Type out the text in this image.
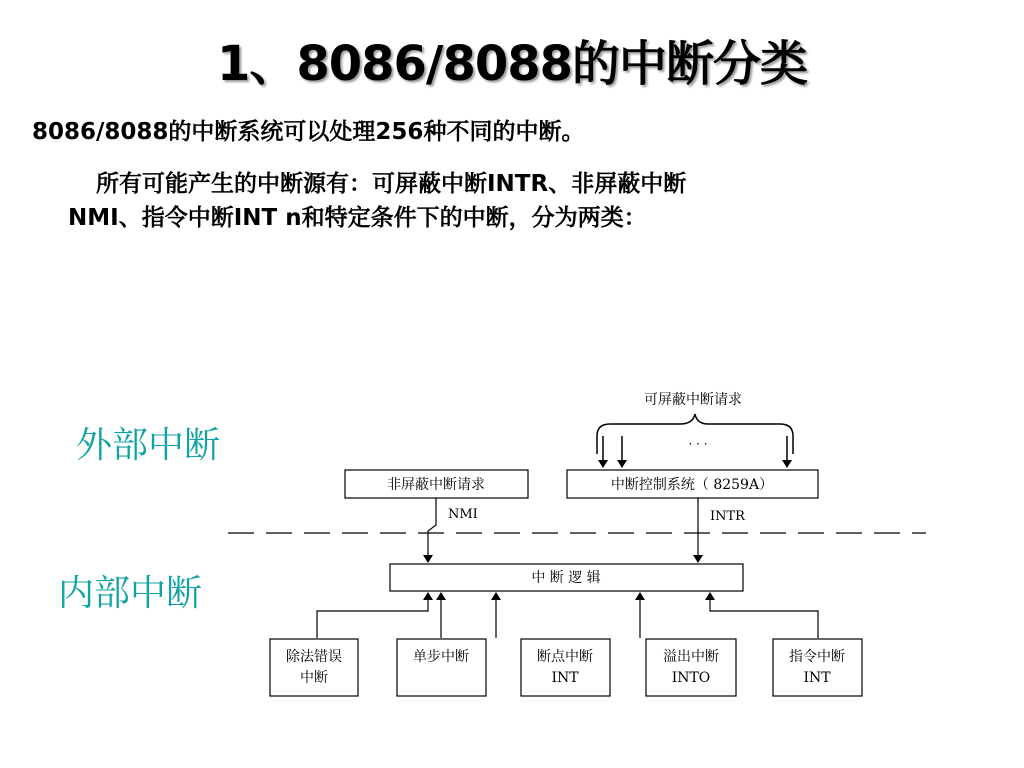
1、8086/8088的中断分类
8086/8088的中断系统可以处理256种不同的中断。
所有可能产生的中断源有：可屏蔽中断INTR、非屏蔽中断
NMI、指令中断INT n和特定条件下的中断，分为两类：
外部中断
内部中断
可屏蔽中断请求
· · ·
非屏蔽中断请求	中断控制系统（ 8259A）
NMI	INTR
中 断 逻 辑
除法错误
中断
单步中断	断点中断
INT
溢出中断
INTO
指令中断
INT
